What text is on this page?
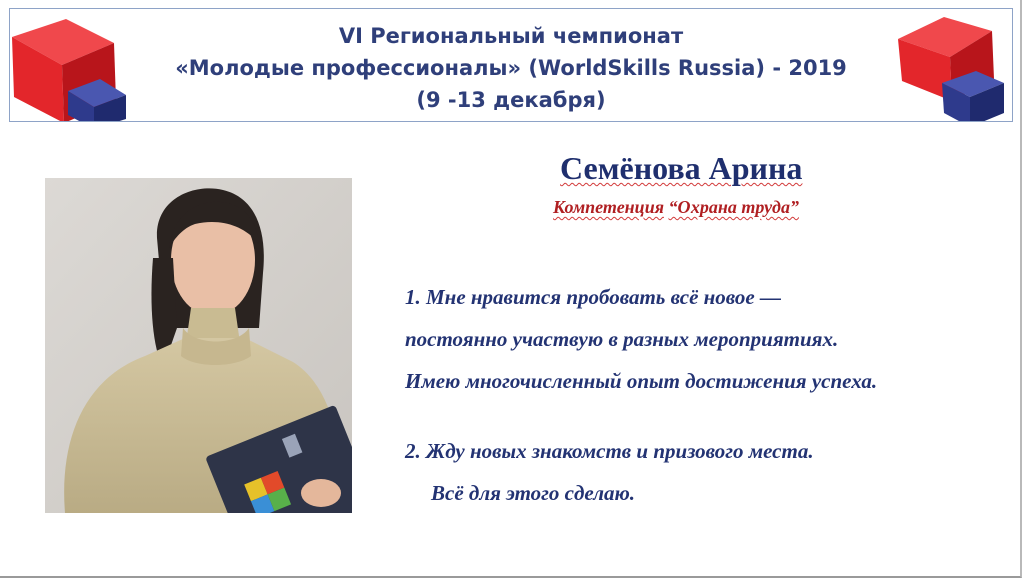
VI Региональный чемпионат
«Молодые профессионалы» (WorldSkills Russia) - 2019
(9 -13 декабря)
Семёнова Арина
Компетенция “Охрана труда”
1. Мне нравится пробовать всё новое —
постоянно участвую в разных мероприятиях.
Имею многочисленный опыт достижения успеха.
2. Жду новых знакомств и призового места.
Всё для этого сделаю.
